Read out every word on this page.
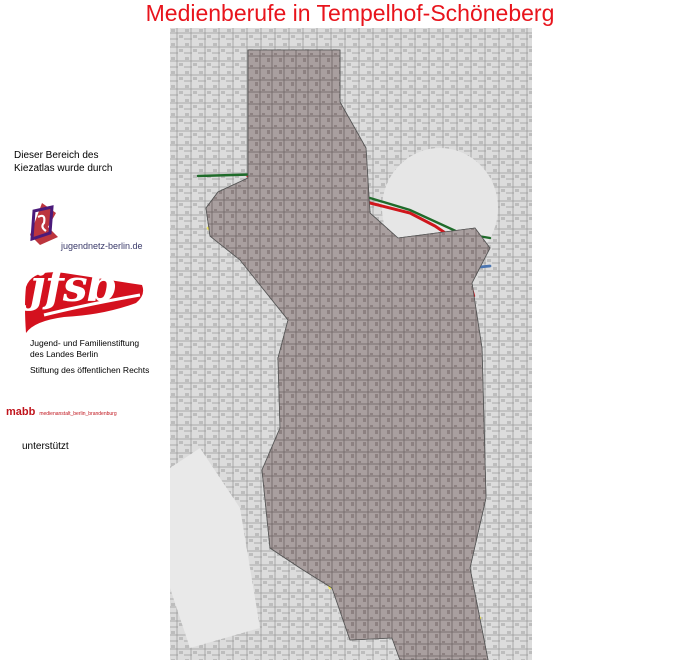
Medienberufe in Tempelhof-Schöneberg
Dieser Bereich des
Kiezatlas wurde durch
jugendnetz-berlin.de
jfsb
Jugend- und Familienstiftung
des Landes Berlin
Stiftung des öffentlichen Rechts
mabb medienanstalt_berlin_brandenburg
unterstützt
